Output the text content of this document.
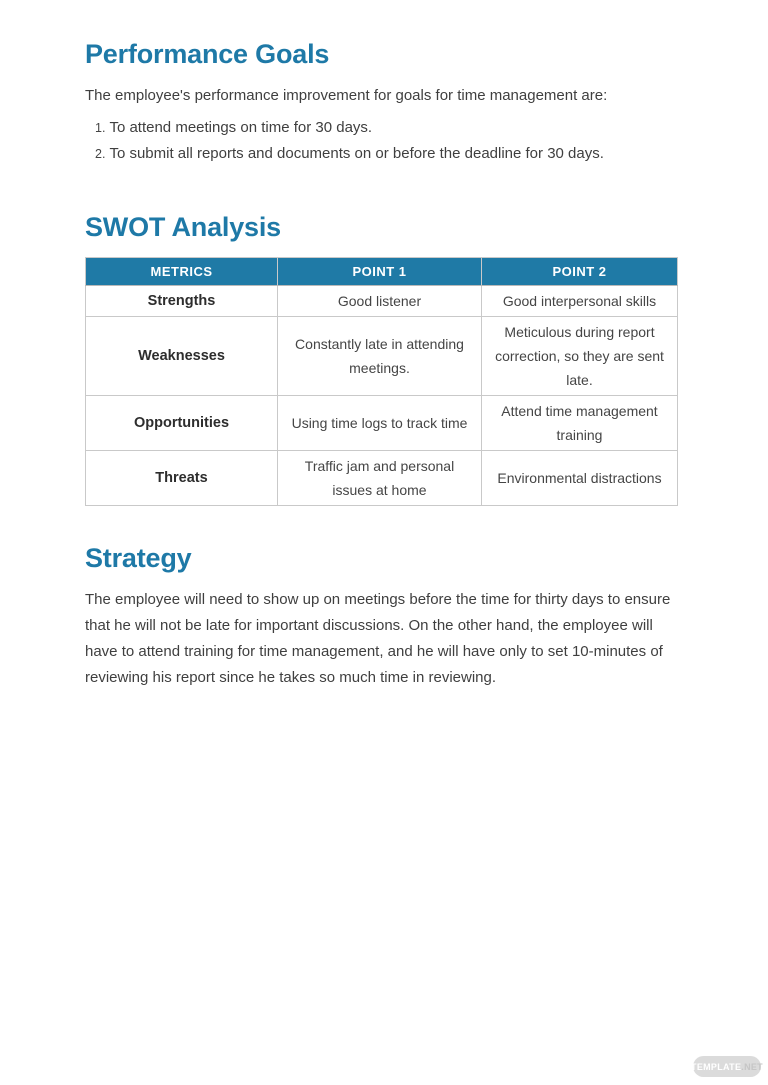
Performance Goals

The employee's performance improvement for goals for time management are:

1. To attend meetings on time for 30 days.
2. To submit all reports and documents on or before the deadline for 30 days.
SWOT Analysis
METRICS	POINT 1	POINT 2
Strengths	Good listener	Good interpersonal skills
Weaknesses	Constantly late in attending meetings.	Meticulous during report correction, so they are sent late.
Opportunities	Using time logs to track time	Attend time management training
Threats	Traffic jam and personal issues at home	Environmental distractions
Strategy

The employee will need to show up on meetings before the time for thirty days to ensure that he will not be late for important discussions. On the other hand, the employee will have to attend training for time management, and he will have only to set 10-minutes of reviewing his report since he takes so much time in reviewing.

TEMPLATE .NET
